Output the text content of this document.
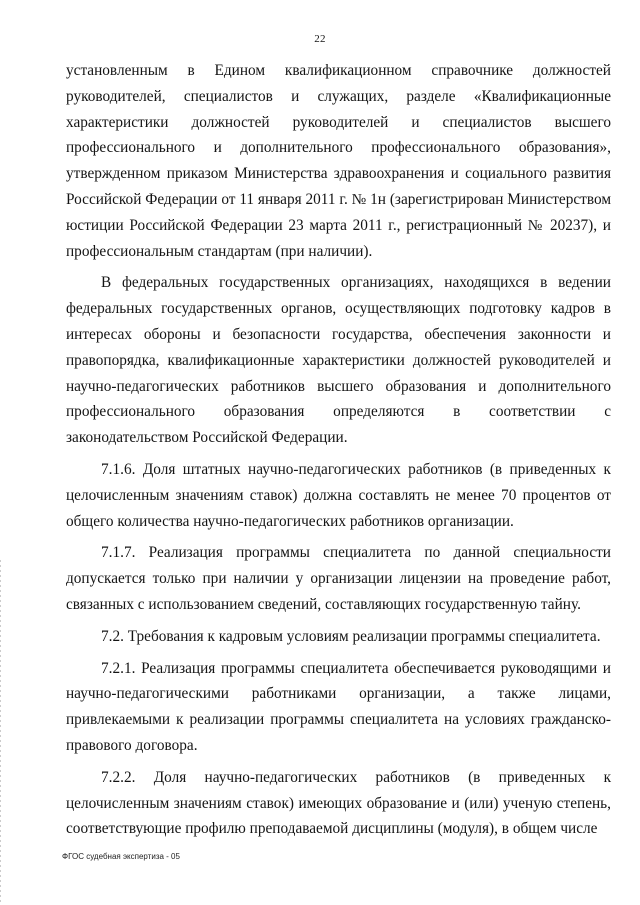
22

установленным в Едином квалификационном справочнике должностей руководителей, специалистов и служащих, разделе «Квалификационные характеристики должностей руководителей и специалистов высшего профессионального и дополнительного профессионального образования», утвержденном приказом Министерства здравоохранения и социального развития Российской Федерации от 11 января 2011 г. № 1н (зарегистрирован Министерством юстиции Российской Федерации 23 марта 2011 г., регистрационный № 20237), и профессиональным стандартам (при наличии).

В федеральных государственных организациях, находящихся в ведении федеральных государственных органов, осуществляющих подготовку кадров в интересах обороны и безопасности государства, обеспечения законности и правопорядка, квалификационные характеристики должностей руководителей и научно-педагогических работников высшего образования и дополнительного профессионального образования определяются в соответствии с законодательством Российской Федерации.

7.1.6. Доля штатных научно-педагогических работников (в приведенных к целочисленным значениям ставок) должна составлять не менее 70 процентов от общего количества научно-педагогических работников организации.

7.1.7. Реализация программы специалитета по данной специальности допускается только при наличии у организации лицензии на проведение работ, связанных с использованием сведений, составляющих государственную тайну.

7.2. Требования к кадровым условиям реализации программы специалитета.

7.2.1. Реализация программы специалитета обеспечивается руководящими и научно-педагогическими работниками организации, а также лицами, привлекаемыми к реализации программы специалитета на условиях гражданско-правового договора.

7.2.2. Доля научно-педагогических работников (в приведенных к целочисленным значениям ставок) имеющих образование и (или) ученую степень, соответствующие профилю преподаваемой дисциплины (модуля), в общем числе

ФГОС судебная экспертиза - 05
